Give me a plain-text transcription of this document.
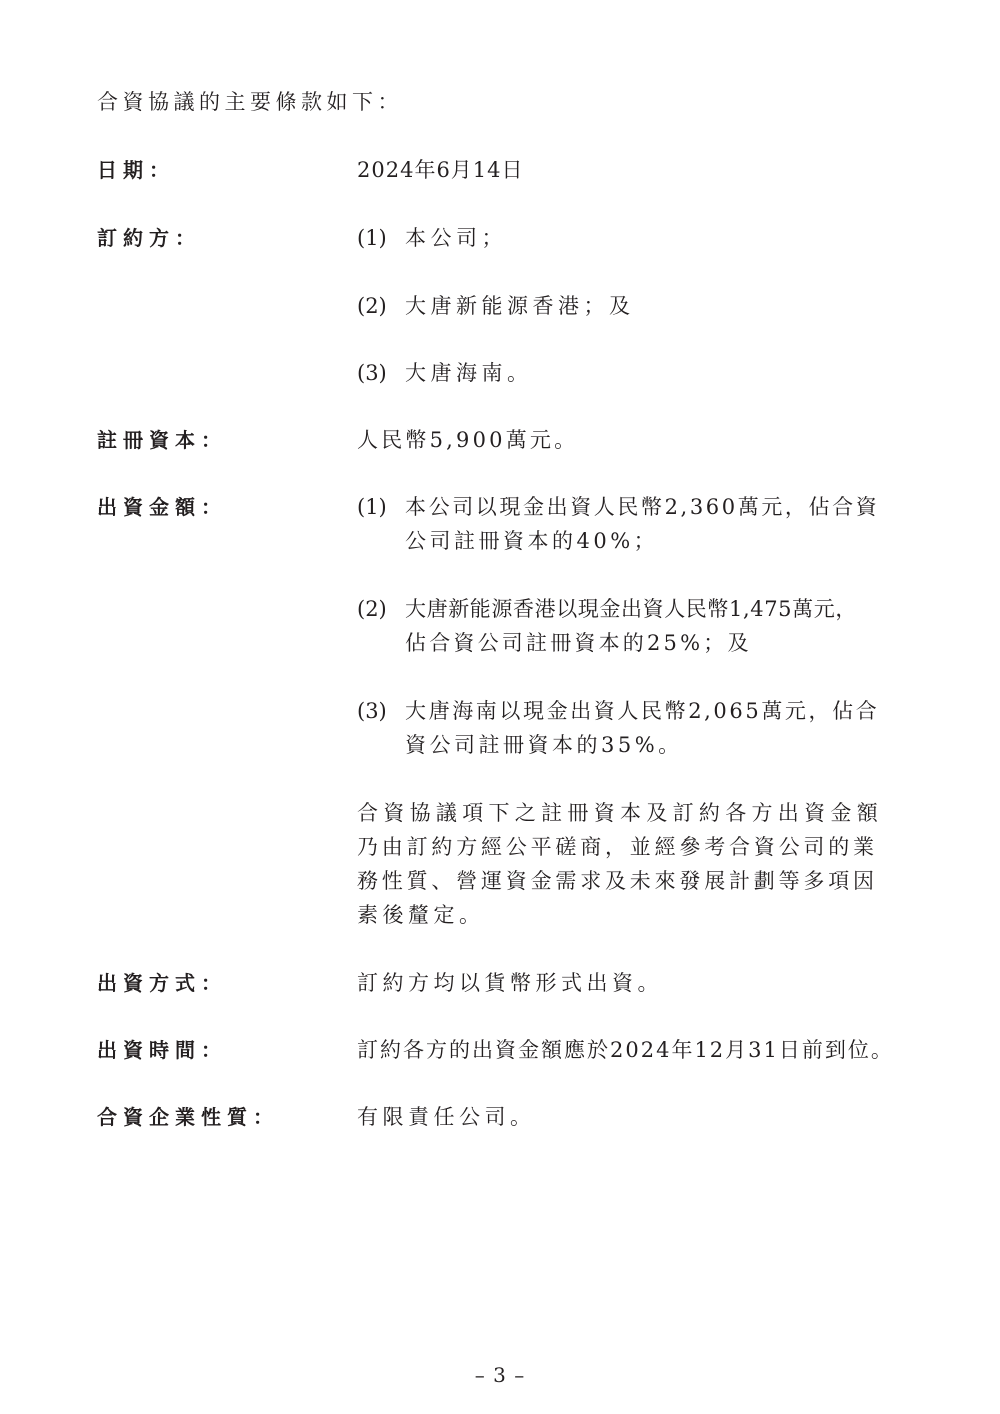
合資協議的主要條款如下：
日期：	2024年6月14日
訂約方：	(1) 本公司；
(2) 大唐新能源香港；及
(3) 大唐海南。
註冊資本：	人民幣5,900萬元。
出資金額：	(1) 本公司以現金出資人民幣2,360萬元，佔合資
公司註冊資本的40%；
(2) 大唐新能源香港以現金出資人民幣1,475萬元，
佔合資公司註冊資本的25%；及
(3) 大唐海南以現金出資人民幣2,065萬元，佔合
資公司註冊資本的35%。
合資協議項下之註冊資本及訂約各方出資金額
乃由訂約方經公平磋商，並經參考合資公司的業
務性質、營運資金需求及未來發展計劃等多項因
素後釐定。
出資方式：	訂約方均以貨幣形式出資。
出資時間：	訂約各方的出資金額應於2024年12月31日前到位。
合資企業性質：	有限責任公司。
– 3 –
